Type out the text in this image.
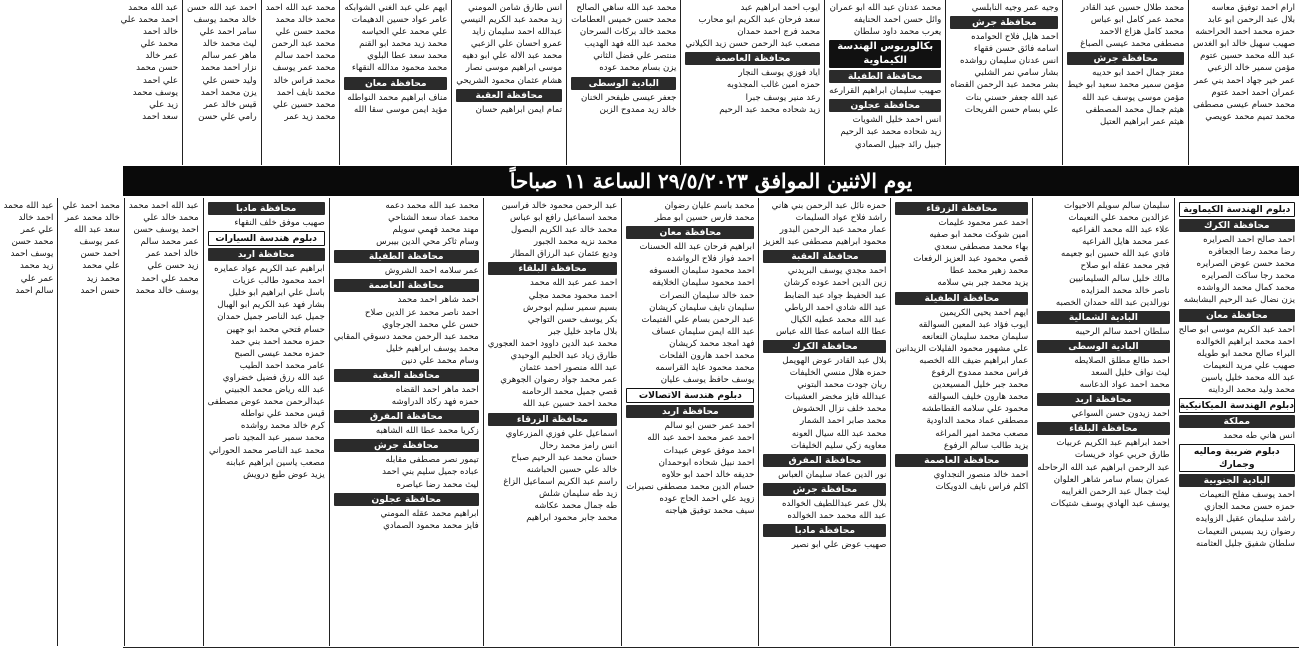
ارام احمد توفيق معاسه
بلال عبد الرحمن ابو عابد
حمزه محمد احمد الحراحشه
صهيب سهيل خالد ابو الغدس
عبد الله محمد حسين عتوم
مؤمن سمير خالد الزعبي
عمر خير جهاد احمد بني عمر
عمران احمد احمد عتوم
محمد حسام عيسى مصطفى
محمد تميم محمد عويصي
محمد طلال حسين عبد القادر
محمد عمر كامل ابو عباس
محمد كامل هزاع الاحمد
مصطفى محمد عيسى الصباغ
محافظة جرش
معتز جمال احمد ابو حديبه
مؤمن سمير محمد سعيد ابو خيط
مؤمن موسى يوسف عبد الله
هيثم جمال محمد المصطفى
هيثم عمر ابراهيم العتيل
وجيه عمر وجيه النابلسي
محافظة جرش
احمد هايل فلاح الحوامده
اسامه فائق حسن فقهاء
انس عدنان سليمان رواشده
بشار سامي نمر الشلبي
بشر محمد عبد الرحمن القضاه
عبد الله جعفر حسني بنات
علي بسام حسن الفريحات
محمد عدنان عبد الله ابو عمران
وائل حسن احمد الحنايفه
يعرب محمد داود سلطان
بكالوريوس الهندسة الكيماوية
محافظة الطفيلة
صهيب سليمان ابراهيم القرارعه
محافظة عجلون
انس احمد خليل الشويات
زيد شحاده محمد عبد الرحيم
جبيل رائد جبيل الصمادي
ايوب احمد ابراهيم عبد
سعد فرحان عبد الكريم ابو محارب
محمد فرج احمد حمدان
مصعب عبد الرحمن حسن زيد الكيلاني
محافظة العاصمة
اياد فوزي يوسف النجار
حمزه امين غالب المجذوبه
رعد منير يوسف جبرا
زيد شحاده محمد عبد الرحيم
محمد عبد الله ساهي الصالح
محمد حسن خميس العطامات
محمد خالد بركات السرحان
محمد عبد الله فهد الهديب
منتصر علي فضل الثاني
يزن بسام محمد عوده
البادية الوسطى
جعفر عيسى ظيفحر الخنان
خالد زيد ممدوح الزبن
انس طارق شامن المومني
زيد محمد عبد الكريم النيسي
عبدالله احمد سليمان زايد
عمرو احسان علي الزعبي
محمد عبد الاله علي ابو دهيه
موسى ابراهيم موسى نصار
هشام عثمان محمود الشريحي
محافظة العقبة
تمام ايمن ابراهيم حسان
ايهم علي عبد الغني الشوابكه
عامر عواد حسين الدهيمات
علي محمد علي الحياسه
محمد زيد محمد ابو القنم
محمد سعد عطا البلوي
محمد محمود مدالله النقهاء
محافظة معان
مناف ابراهيم محمد النواطله
مؤيد ايمن موسى سقا الله
محمد عبد الله احمد
محمد خالد محمد
محمد حسن علي
محمد عبد الرحمن
محمد احمد سالم
محمد عمر يوسف
محمد فراس خالد
محمد نايف احمد
محمد حسين علي
محمد زيد عمر
احمد عبد الله حسن
خالد محمد يوسف
سامر احمد علي
ليث محمد خالد
ماهر عمر سالم
نزار احمد محمد
وليد حسن علي
يزن محمد احمد
قيس خالد عمر
رامي علي حسن
عبد الله محمد
احمد محمد علي
خالد احمد
محمد علي
عمر خالد
حسن محمد
علي احمد
يوسف محمد
زيد علي
سعد احمد
يوم الاثنين الموافق ٢٩/٥/٢٠٢٣ الساعة ١١ صباحاً
دبلوم الهندسة الكيماوية
محافظة الكرك
احمد صالح احمد الصرايره
رضا محمد رضا الجعافره
محمد حسن عوض الصرايره
محمد رجا ساكت الصرايره
محمد كمال محمد الرواشده
يزن نضال عبد الرحيم البشابشه
محافظة معان
احمد عبد الكريم موسى ابو صالح
احمد محمد ابراهيم الخوالده
البراء صالح محمد ابو طويله
صهيب علي مريد النعيمات
عبد الله محمد خليل ياسين
محمد وليد محمد الرداينه
دبلوم الهندسة الميكانيكية
مملكة
انس هاني طه محمد
دبلوم ضريبة وماليه وجمارك
البادية الجنوبية
احمد يوسف مفلح النعيمات
حمزه حسن محمد الجازي
راشد سليمان عقيل الزوايده
رضوان زيد بسيس النعيمات
سلطان شفيق جليل العثامنه
سليمان سالم سويلم الاحيوات
عزالدين محمد علي النعيمات
علاء عبد الله محمد الفراعيه
عمر محمد هايل الفراعيه
فادي عبد الله حسين ابو جعيمه
فجر محمد عقله ابو صلاح
مالك خليل سالم السليمانيين
ناصر خالد محمد المزايده
نورالدين عبد الله حمدان الخصبه
البادية الشمالية
سلطان احمد سالم الرحيبه
البادية الوسطى
احمد طالع مطلق الصلايطه
ليث نواف خليل السعد
محمد احمد عواد الدعاسه
محافظة اربد
احمد زيدون حسن السواعي
محافظة البلقاء
احمد ابراهيم عبد الكريم عربيات
طارق حربي عواد خريسات
عبد الرحمن ابراهيم عبد الله الرحاحله
عمران بسام سامر شاهر العلوان
ليث جمال عبد الرحمن الغرايبه
يوسف عبد الهادي يوسف شتيكات
محافظة الزرقاء
احمد عمر محمود عليمات
امين شوكت محمد ابو صفيه
بهاء محمد مصطفى سعدي
قصي محمود عبد العزيز الرفعات
محمد زهير محمد عطا
يزيد محمد جبر بني سلامه
محافظة الطفيلة
ايهم احمد يحيى الكريمين
ايوب فؤاد عبد المعين السوالقه
سليمان محمد سليمان النعانعه
علي مشهور محمود الفليلات الزيدانين
عمار ابراهيم ضيف الله الخصبه
فراس محمد ممدوح الرفوع
محمد جبر خليل المسيعدين
محمد هارون خليف السوالقه
محمود علي سلامه القطاطشه
مصطفى عماد محمد الداودية
مصعب محمد امير المراغه
يزيد طالب سالم الرفوع
محافظة العاصمة
احمد خالد منصور النجداوي
اكلم فراس نايف الدويكات
حمزه نائل عبد الرحمن بني هاني
راشد فلاح عواد السليمات
عمار محمد عبد الرحمن البدور
محمود ابراهيم مصطفى عبد العزيز
محافظة العقبة
احمد مجدي يوسف البريدني
زين الدين احمد عوده كرشان
عبد الحفيظ جواد عبد الضابط
عبد الله شادي احمد الرياطي
عبد الله محمد عطيه الكيال
عطا الله اسامه عطا الله عباس
محافظة الكرك
بلال عبد القادر عوض الهويمل
حمزه هلال منسي الخليفات
ريان جودت محمد البتوني
عبدالله فايز مخضر العشيبات
محمد خلف نزال الحشوش
محمد صابر احمد الشمار
محمد عبد الله سيال العونه
معاويه زكي سليم الخليفات
محافظة المفرق
نور الدين عماد سليمان العباس
محافظة جرش
بلال عمر عبداللطيف الخوالده
عبد الله محمد حمد الخوالده
محافظة مادبا
صهيب عوض علي ابو نصير
محمد باسم عليان رضوان
محمد فارس حسين ابو مطر
محافظة معان
ابراهيم فرحان عبد الله الحسنات
احمد فواز فلاح الرواشده
احمد محمود سليمان العسوفه
احمد محمود سليمان الخلايفه
حمد خالد سليمان النصرات
سليمان نايف سليمان كريشان
عبد الرحمن بسام علي الفتيمات
عبد الله ايمن سليمان عساف
فهد امجد محمد كريشان
محمد احمد هارون الفلحات
محمد محمود عايد القراسمه
يوسف حافظ يوسف عليان
دبلوم هندسة الاتصالات
محافظة اربد
احمد عمر حسن ابو سالم
احمد عمر محمد احمد عبد الله
احمد موفق عوض عبيدات
احمد نبيل شحاده ابوحمدان
حديفه خالد احمد ابو حلاوه
حسام الدين محمد مصطفى نصيرات
زويد علي احمد الحاج عوده
سيف محمد توفيق هياجنه
عبد الرحمن محمود خالد فراسين
محمد اسماعيل رافع ابو عباس
محمد خالد عبد الكريم البصول
محمد نزيه محمد الجبور
وديع عثمان عبد الرزاق المطار
محافظة البلقاء
احمد عمر عبد الله محمد
احمد محمود محمد مجلي
بسيم سمير سليم ابوحرش
بكر يوسف حسن التواجي
بلال ماجد خليل جبر
محمد عبد الدين داوود احمد العجوري
طارق زياد عبد الحليم الوحيدي
عبد الله منصور احمد عثمان
عمر محمد جواد رضوان الجوهري
قصي جميل محمد الرحامنه
محمد احمد حسين عبد الله
محافظة الزرقاء
اسماعيل علي فوزي المزرعاوي
انس رامز محمد رحال
حسان محمد عبد الرحيم صباح
خالد علي حسين الحباشنه
راسم عبد الكريم اسماعيل الزاغ
زيد طه سليمان شلش
طه جمال محمد عكاشه
محمد جابر محمود ابراهيم
محمد عبد الله محمد دعمه
محمد عماد سعد الشناحي
مهند محمد فهمي سويلم
وسام ثاكر محي الدين بيبرس
محافظة الطفيلة
عمر سلامه احمد الشروش
محافظة العاصمة
احمد شاهر احمد محمد
احمد ناصر محمد عز الدين صلاح
حسن علي محمد الجرجاوي
محمد عبد الرحمن محمد دسوقي المقابي
محمد يوسف ابراهيم خليل
وسام محمد علي دنين
محافظة العقبة
احمد ماهر احمد القضاه
حمزه فهد ركاد الدراوشه
محافظة المفرق
زكريا محمد عطا الله الشاهبه
محافظة جرش
تيمور نصر مصطفى مقابله
عباده جميل سليم بني احمد
ليث محمد رضا عياصره
محافظة عجلون
ابراهيم محمد عقله المومني
فايز محمد محمود الصمادي
محافظة مادبا
صهيب موفق خلف النقهاء
دبلوم هندسة السيارات
محافظة اربد
ابراهيم عبد الكريم عواد عمايره
احمد محمود طالب عزيات
باسل علي ابراهيم ابو خليل
بشار فهد عبد الكريم ابو الهبال
جميل عبد الناصر جميل حمدان
حسام فتحي محمد ابو جهين
حمزه محمد احمد بني حمد
حمزه محمد عيسى الصبح
عامر محمد احمد الطيب
عبد الله رزق فضيل خضراوي
عبد الله رياض محمد الجبيني
عبدالرحمن محمد عوض مصطفى
قيس محمد علي نواطله
كرم خالد محمد رواشده
محمد سمير عبد المجيد ناصر
محمد عبد الناصر محمد الحوراني
مصعب ياسين ابراهيم عبابنه
يزيد عوض طيع درويش
عبد الله احمد محمد
محمد خالد علي
احمد يوسف حسن
عمر محمد سالم
خالد احمد عمر
زيد حسن علي
محمد علي احمد
يوسف خالد محمد
محمد احمد علي
خالد محمد عمر
سعد عبد الله
عمر يوسف
احمد حسن
علي محمد
محمد زيد
حسن احمد
عبد الله محمد
احمد خالد
علي عمر
محمد حسن
يوسف احمد
زيد محمد
عمر علي
سالم احمد
